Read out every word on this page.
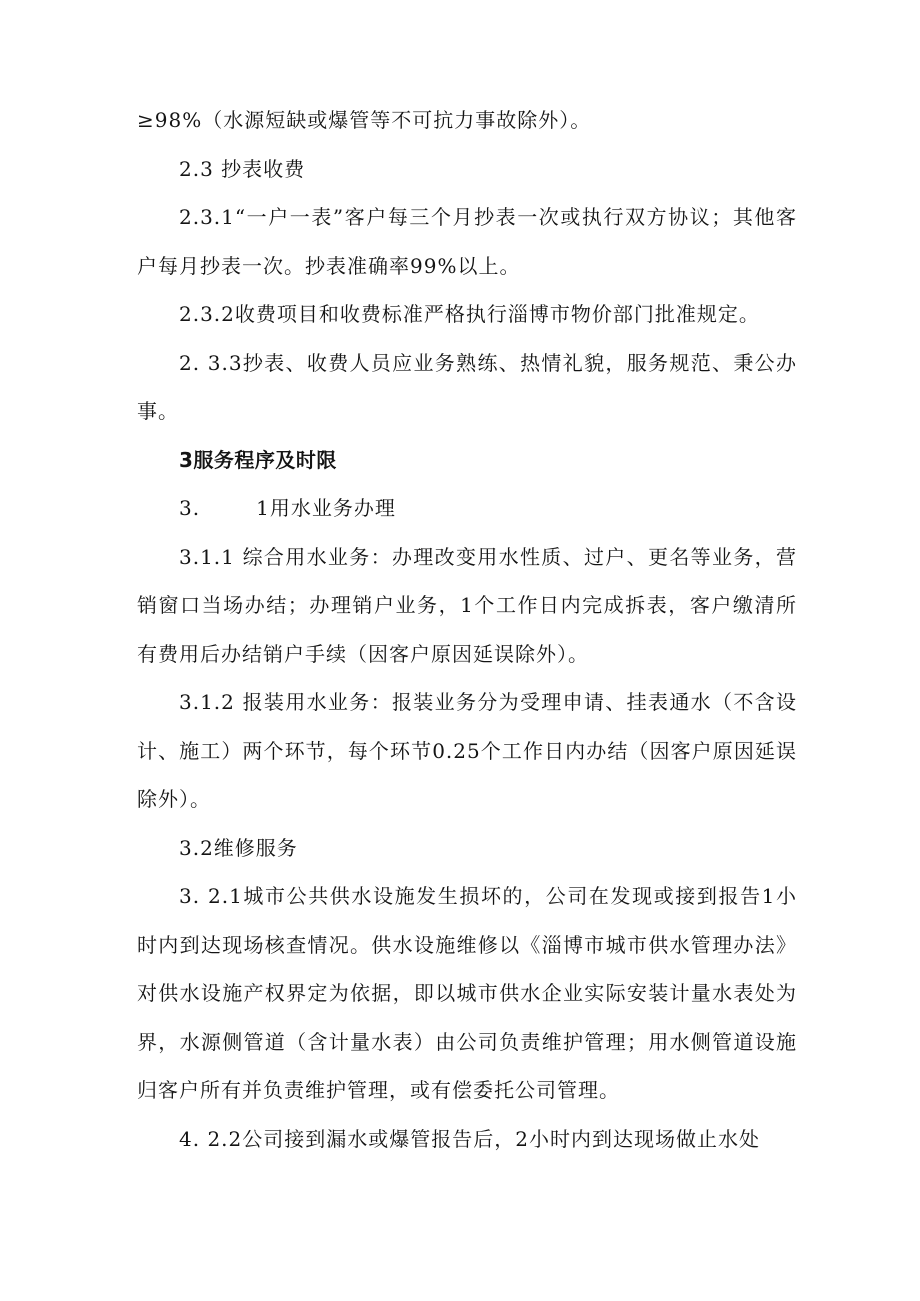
≥98%（水源短缺或爆管等不可抗力事故除外）。

2.3 抄表收费

2.3.1“一户一表”客户每三个月抄表一次或执行双方协议；其他客户每月抄表一次。抄表准确率99%以上。

2.3.2收费项目和收费标准严格执行淄博市物价部门批准规定。

2. 3.3抄表、收费人员应业务熟练、热情礼貌，服务规范、秉公办事。

3服务程序及时限

3.	1用水业务办理

3.1.1 综合用水业务：办理改变用水性质、过户、更名等业务，营销窗口当场办结；办理销户业务，1个工作日内完成拆表，客户缴清所有费用后办结销户手续（因客户原因延误除外）。

3.1.2 报装用水业务：报装业务分为受理申请、挂表通水（不含设计、施工）两个环节，每个环节0.25个工作日内办结（因客户原因延误除外）。

3.2维修服务

3. 2.1城市公共供水设施发生损坏的，公司在发现或接到报告1小时内到达现场核查情况。供水设施维修以《淄博市城市供水管理办法》对供水设施产权界定为依据，即以城市供水企业实际安装计量水表处为界，水源侧管道（含计量水表）由公司负责维护管理；用水侧管道设施归客户所有并负责维护管理，或有偿委托公司管理。

4. 2.2公司接到漏水或爆管报告后，2小时内到达现场做止水处
